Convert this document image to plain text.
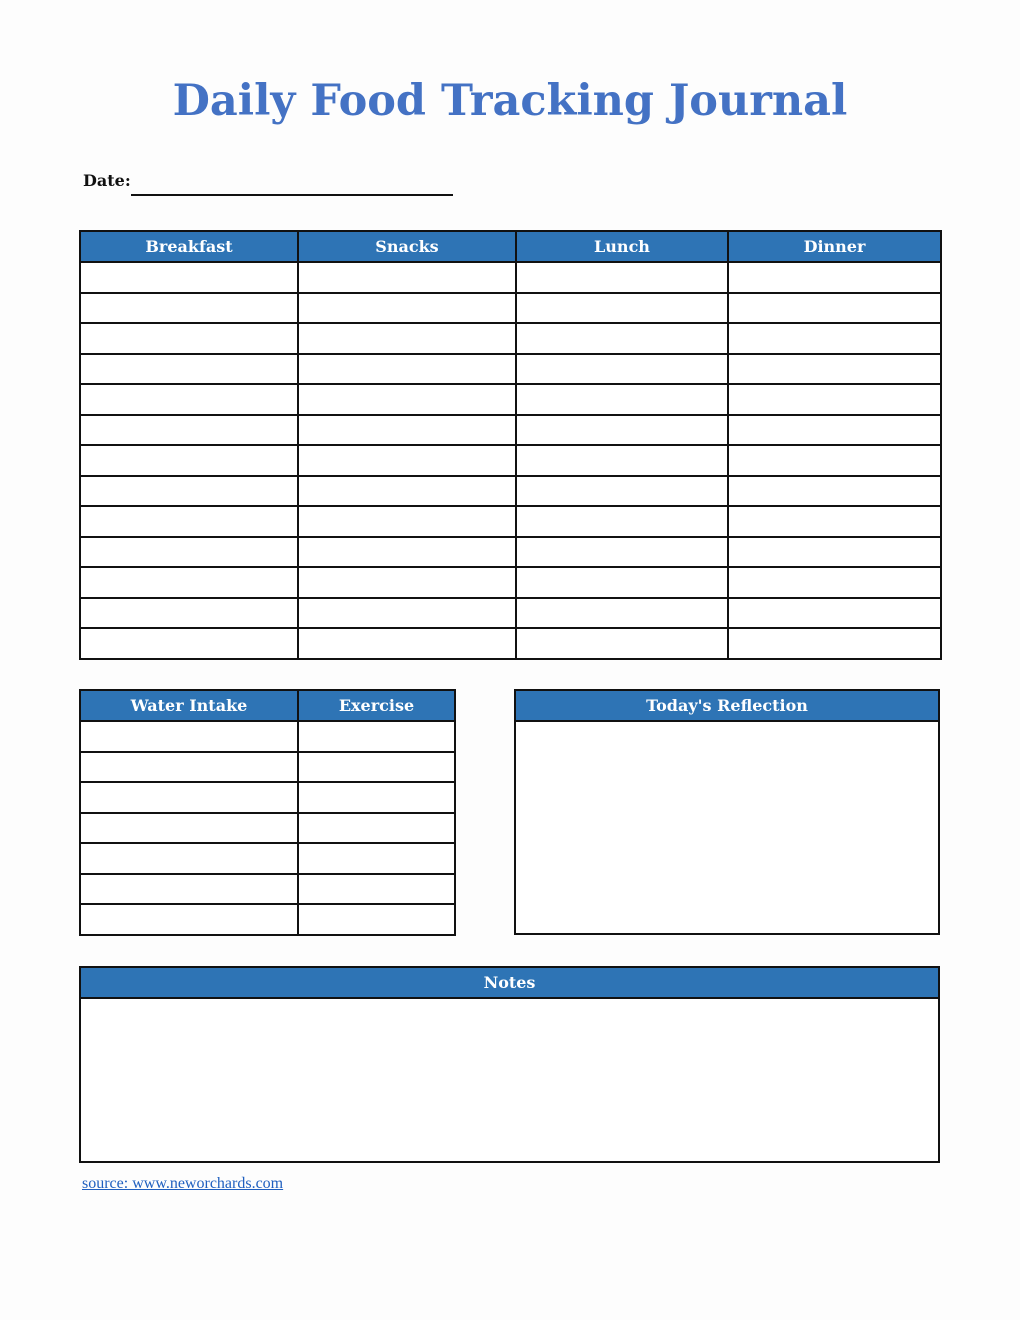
Daily Food Tracking Journal
Date:
Breakfast	Snacks	Lunch	Dinner

Water Intake	Exercise

		Today's Reflection

Notes

source: www.neworchards.com
